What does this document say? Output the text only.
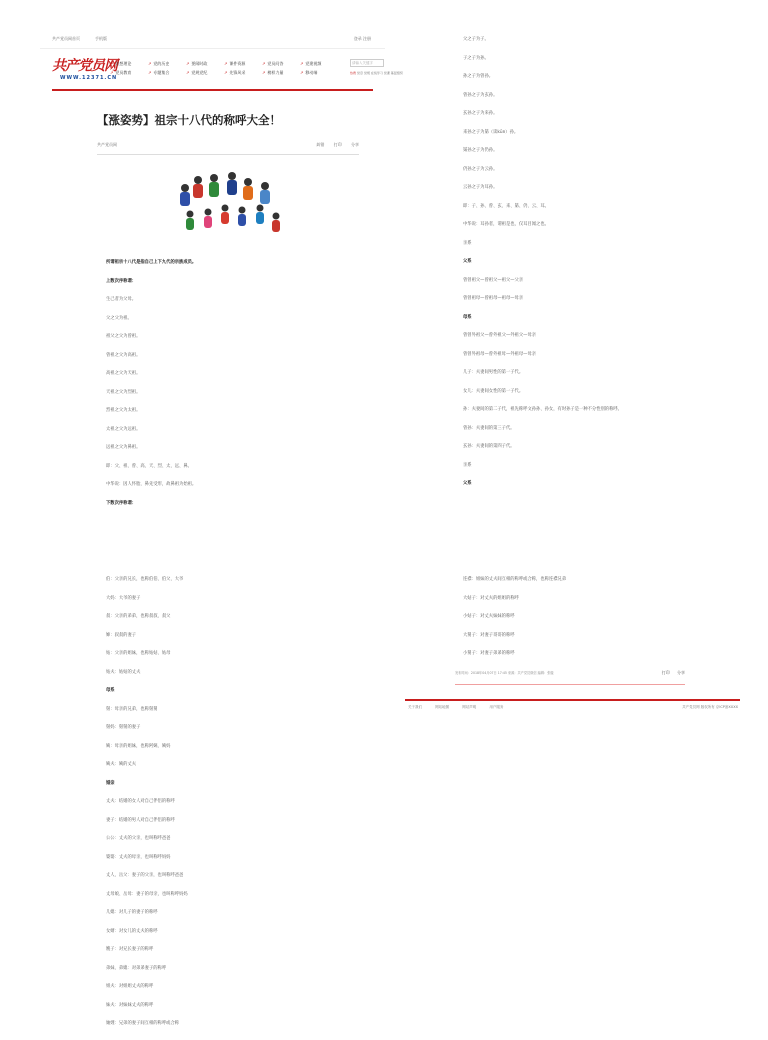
共产党员网首页	手机版	登录 注册
共产党员网
WWW.12371.CN
↗ 思想理论	↗ 党的历史	↗ 要闻时政	↗ 课件资源	↗ 党员问答	↗ 党建视频
↗ 党员教育	↗ 专题集合	↗ 党规党纪	↗ 先锋风采	↗ 榜样力量	↗ 移动端
请输入关键字
热搜 党章 党规 在线学习 党课 基层组织
【涨姿势】祖宗十八代的称呼大全！
共产党员网	纠错 打印 分享
所谓祖宗十八代是指自己上下九代的宗族成员。
上数次序称谓：
生己者为父母。
父之父为祖。
祖父之父为曾祖。
曾祖之父为高祖。
高祖之父为天祖。
天祖之父为烈祖。
烈祖之父为太祖。
太祖之父为远祖。
远祖之父为鼻祖。
即：父、祖、曾、高、天、烈、太、远、鼻。
中华说：因人怀胎，鼻先受形，故鼻祖为始祖。
下数次序称谓：
父之子为子。
子之子为孙。
孙之子为曾孙。
曾孙之子为玄孙。
玄孙之子为来孙。
来孙之子为晜（读kūn）孙。
晜孙之子为仍孙。
仍孙之子为云孙。
云孙之子为耳孙。
即：子、孙、曾、玄、来、晜、仍、云、耳。
中华说：耳孙者，谓祖是也，仅耳目闻之也。
亲系
父系
曾曾祖父—曾祖父—祖父—父亲
曾曾祖母—曾祖母—祖母—母亲
母系
曾曾外祖父—曾外祖父—外祖父—母亲
曾曾外祖母—曾外祖母—外祖母—母亲
儿子：夫妻间男性的第一子代。
女儿：夫妻间女性的第一子代。
孙：夫妻间的第二子代，祖先称呼文孙孙、孙女，有时孙子是一种不分性别的称呼。
曾孙：夫妻间的第三子代。
玄孙：夫妻间的第四子代。
亲系
父系
伯：父亲的兄长，也称伯伯、伯父、大爷
大妈：大爷的妻子
叔：父亲的弟弟，也称叔叔、叔父
婶：叔叔的妻子
姑：父亲的姐妹，也称姑姑、姑母
姑夫：姑姑的丈夫
母系
舅：母亲的兄弟，也称舅舅
舅妈：舅舅的妻子
姨：母亲的姐妹，也称阿姨、姨妈
姨夫：姨的丈夫
婚亲
丈夫：结婚的女人对自己伴侣的称呼
妻子：结婚的男人对自己伴侣的称呼
公公：丈夫的父亲，也叫称呼爸爸
婆婆：丈夫的母亲，也叫称呼妈妈
丈人、岳父：妻子的父亲，也叫称呼爸爸
丈母娘、岳母：妻子的母亲，也叫称呼妈妈
儿媳：对儿子的妻子的称呼
女婿：对女儿的丈夫的称呼
嫂子：对兄长妻子的称呼
弟妹、弟媳：对弟弟妻子的称呼
姐夫：对姐姐丈夫的称呼
妹夫：对妹妹丈夫的称呼
妯娌：兄弟的妻子间互相的称呼或合称
连襟：姐妹的丈夫间互相的称呼或合称，也称连襟兄弟
大姑子：对丈夫的姐姐的称呼
小姑子：对丈夫妹妹的称呼
大舅子：对妻子哥哥的称呼
小舅子：对妻子弟弟的称呼
发布时间：2018年04月07日 17:45 来源：共产党员微信 编辑：张璇	打印 分享
关于我们	网站地图	网站声明	用户服务	共产党员网 版权所有 京ICP备XXXX
